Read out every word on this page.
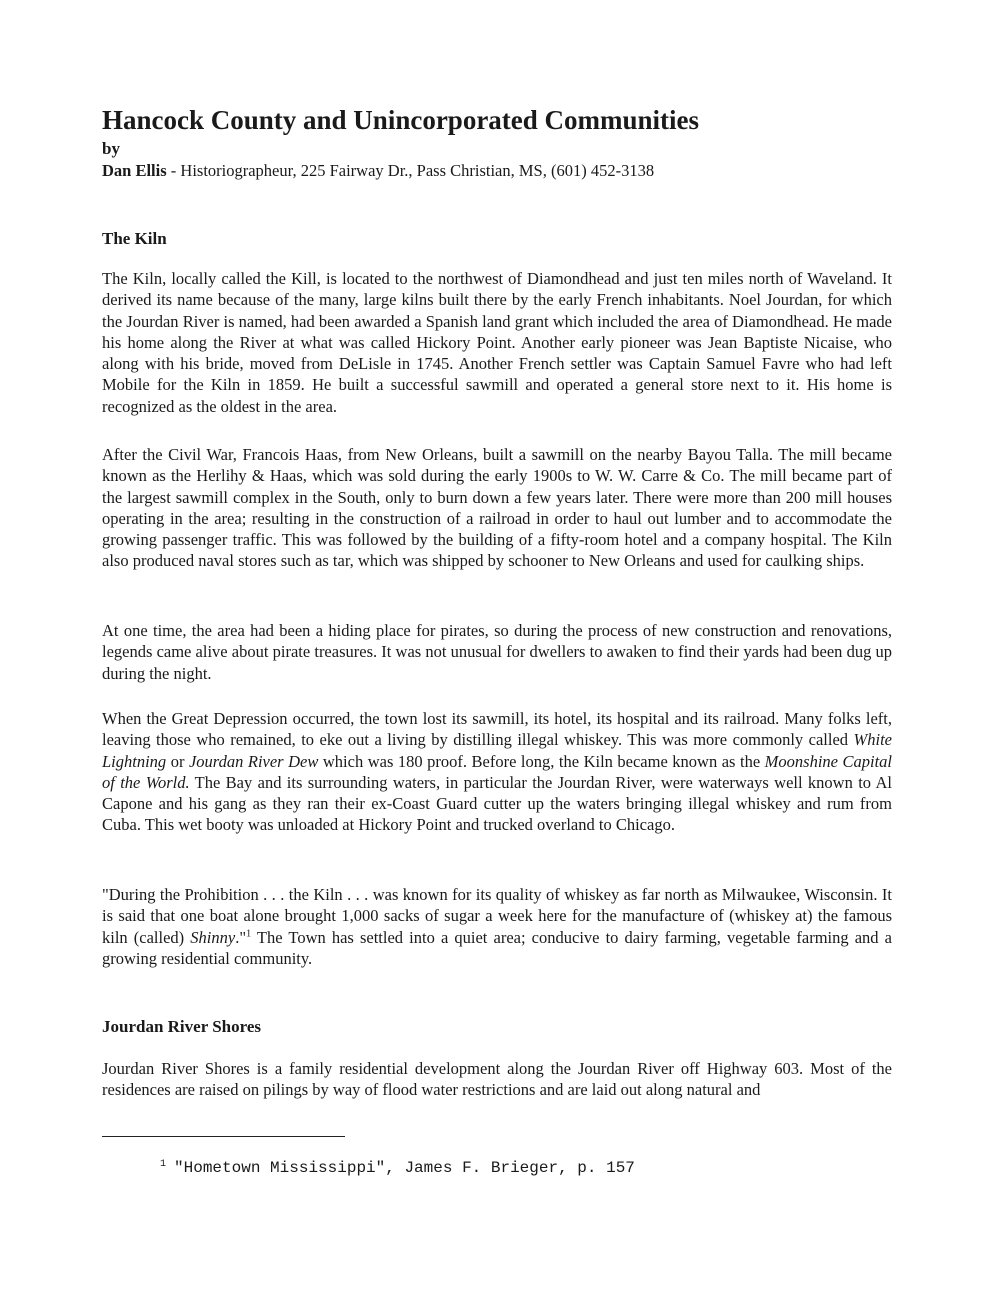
Hancock County and Unincorporated Communities
by
Dan Ellis - Historiographeur, 225 Fairway Dr., Pass Christian, MS, (601) 452-3138
The Kiln

The Kiln, locally called the Kill, is located to the northwest of Diamondhead and just ten miles north of Waveland. It derived its name because of the many, large kilns built there by the early French inhabitants. Noel Jourdan, for which the Jourdan River is named, had been awarded a Spanish land grant which included the area of Diamondhead. He made his home along the River at what was called Hickory Point. Another early pioneer was Jean Baptiste Nicaise, who along with his bride, moved from DeLisle in 1745. Another French settler was Captain Samuel Favre who had left Mobile for the Kiln in 1859. He built a successful sawmill and operated a general store next to it. His home is recognized as the oldest in the area.

After the Civil War, Francois Haas, from New Orleans, built a sawmill on the nearby Bayou Talla. The mill became known as the Herlihy & Haas, which was sold during the early 1900s to W. W. Carre & Co. The mill became part of the largest sawmill complex in the South, only to burn down a few years later. There were more than 200 mill houses operating in the area; resulting in the construction of a railroad in order to haul out lumber and to accommodate the growing passenger traffic. This was followed by the building of a fifty-room hotel and a company hospital. The Kiln also produced naval stores such as tar, which was shipped by schooner to New Orleans and used for caulking ships.

At one time, the area had been a hiding place for pirates, so during the process of new construction and renovations, legends came alive about pirate treasures. It was not unusual for dwellers to awaken to find their yards had been dug up during the night.

When the Great Depression occurred, the town lost its sawmill, its hotel, its hospital and its railroad. Many folks left, leaving those who remained, to eke out a living by distilling illegal whiskey. This was more commonly called White Lightning or Jourdan River Dew which was 180 proof. Before long, the Kiln became known as the Moonshine Capital of the World. The Bay and its surrounding waters, in particular the Jourdan River, were waterways well known to Al Capone and his gang as they ran their ex-Coast Guard cutter up the waters bringing illegal whiskey and rum from Cuba. This wet booty was unloaded at Hickory Point and trucked overland to Chicago.

"During the Prohibition . . . the Kiln . . . was known for its quality of whiskey as far north as Milwaukee, Wisconsin. It is said that one boat alone brought 1,000 sacks of sugar a week here for the manufacture of (whiskey at) the famous kiln (called) Shinny."$^1$ The Town has settled into a quiet area; conducive to dairy farming, vegetable farming and a growing residential community.

Jourdan River Shores

Jourdan River Shores is a family residential development along the Jourdan River off Highway 603. Most of the residences are raised on pilings by way of flood water restrictions and are laid out along natural and

$^1$ "Hometown Mississippi", James F. Brieger, p. 157
